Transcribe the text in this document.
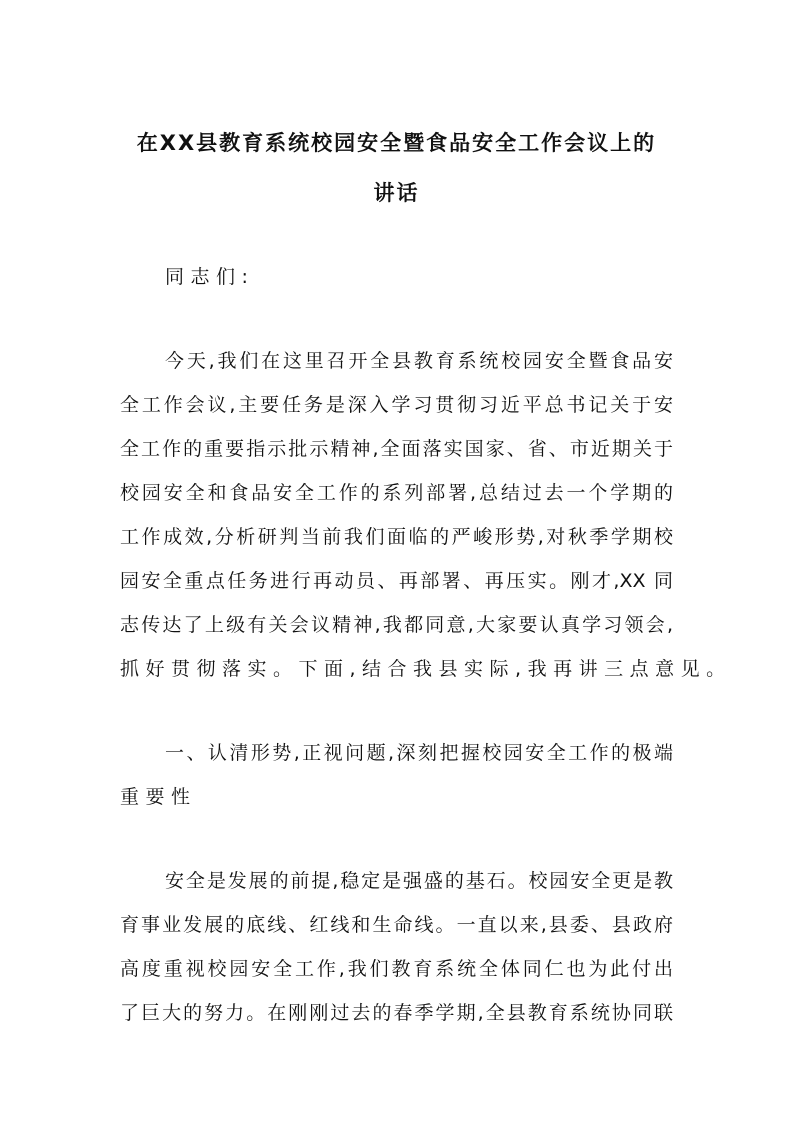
在XX县教育系统校园安全暨食品安全工作会议上的
讲话
同志们:
今天,我们在这里召开全县教育系统校园安全暨食品安
全工作会议,主要任务是深入学习贯彻习近平总书记关于安
全工作的重要指示批示精神,全面落实国家、省、市近期关于
校园安全和食品安全工作的系列部署,总结过去一个学期的
工作成效,分析研判当前我们面临的严峻形势,对秋季学期校
园安全重点任务进行再动员、再部署、再压实。刚才,XX 同
志传达了上级有关会议精神,我都同意,大家要认真学习领会,
抓好贯彻落实。下面,结合我县实际,我再讲三点意见。
一、认清形势,正视问题,深刻把握校园安全工作的极端
重要性
安全是发展的前提,稳定是强盛的基石。校园安全更是教
育事业发展的底线、红线和生命线。一直以来,县委、县政府
高度重视校园安全工作,我们教育系统全体同仁也为此付出
了巨大的努力。在刚刚过去的春季学期,全县教育系统协同联
